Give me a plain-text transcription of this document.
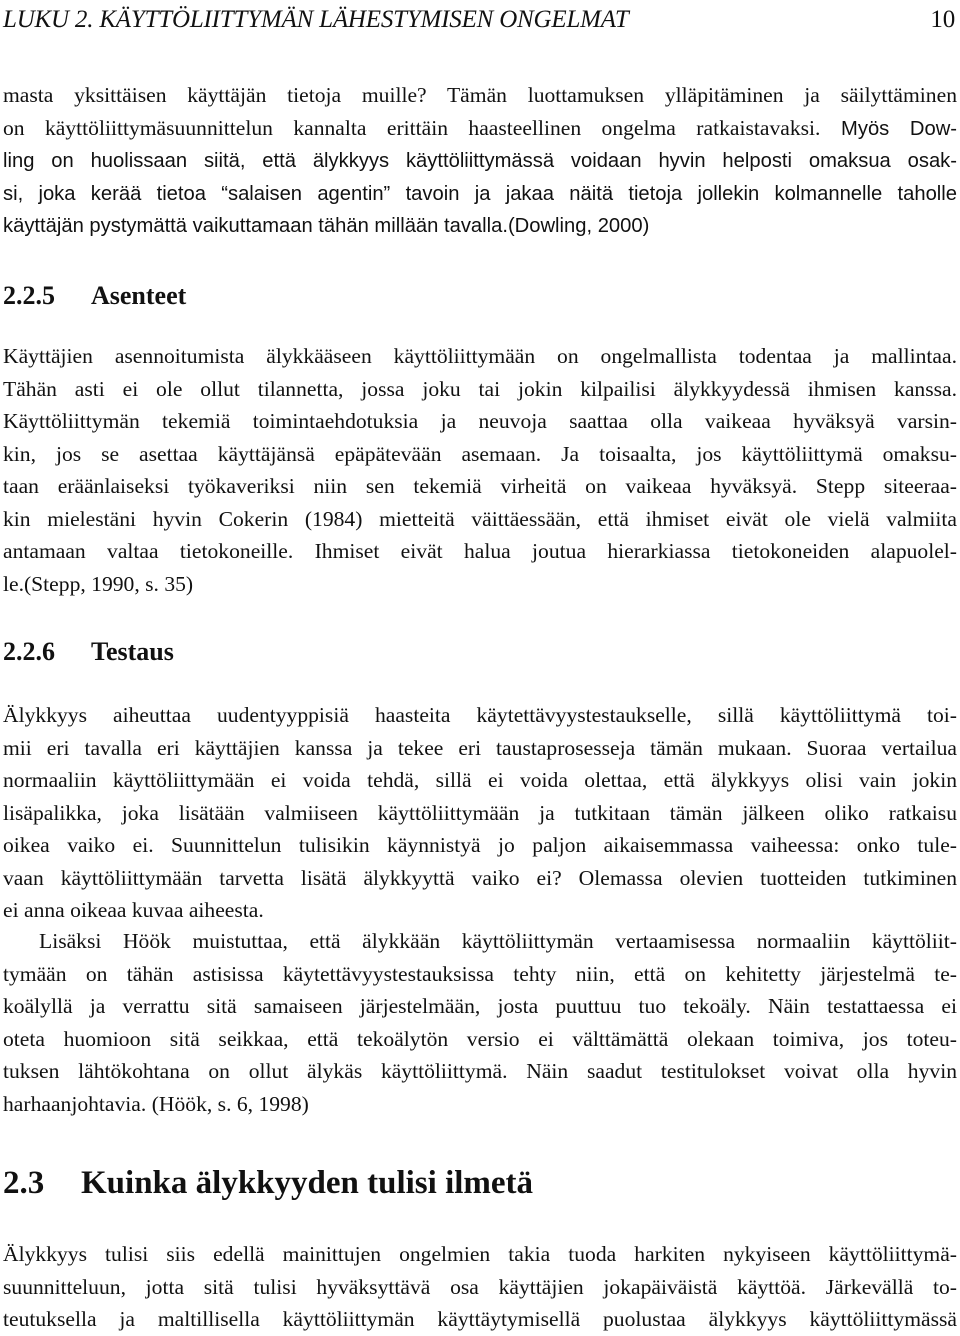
LUKU 2. KÄYTTÖLIITTYMÄN LÄHESTYMISEN ONGELMAT	10
masta yksittäisen käyttäjän tietoja muille? Tämän luottamuksen ylläpitäminen ja säilyttäminen
on käyttöliittymäsuunnittelun kannalta erittäin haasteellinen ongelma ratkaistavaksi. Myös Dow-
ling on huolissaan siitä, että älykkyys käyttöliittymässä voidaan hyvin helposti omaksua osak-
si, joka kerää tietoa “salaisen agentin” tavoin ja jakaa näitä tietoja jollekin kolmannelle taholle
käyttäjän pystymättä vaikuttamaan tähän millään tavalla.(Dowling, 2000)
2.2.5 Asenteet
Käyttäjien asennoitumista älykkääseen käyttöliittymään on ongelmallista todentaa ja mallintaa.
Tähän asti ei ole ollut tilannetta, jossa joku tai jokin kilpailisi älykkyydessä ihmisen kanssa.
Käyttöliittymän tekemiä toimintaehdotuksia ja neuvoja saattaa olla vaikeaa hyväksyä varsin-
kin, jos se asettaa käyttäjänsä epäpätevään asemaan. Ja toisaalta, jos käyttöliittymä omaksu-
taan eräänlaiseksi työkaveriksi niin sen tekemiä virheitä on vaikeaa hyväksyä. Stepp siteeraa-
kin mielestäni hyvin Cokerin (1984) mietteitä väittäessään, että ihmiset eivät ole vielä valmiita
antamaan valtaa tietokoneille. Ihmiset eivät halua joutua hierarkiassa tietokoneiden alapuolel-
le.(Stepp, 1990, s. 35)
2.2.6 Testaus
Älykkyys aiheuttaa uudentyyppisiä haasteita käytettävyystestaukselle, sillä käyttöliittymä toi-
mii eri tavalla eri käyttäjien kanssa ja tekee eri taustaprosesseja tämän mukaan. Suoraa vertailua
normaaliin käyttöliittymään ei voida tehdä, sillä ei voida olettaa, että älykkyys olisi vain jokin
lisäpalikka, joka lisätään valmiiseen käyttöliittymään ja tutkitaan tämän jälkeen oliko ratkaisu
oikea vaiko ei. Suunnittelun tulisikin käynnistyä jo paljon aikaisemmassa vaiheessa: onko tule-
vaan käyttöliittymään tarvetta lisätä älykkyyttä vaiko ei? Olemassa olevien tuotteiden tutkiminen
ei anna oikeaa kuvaa aiheesta.
Lisäksi Höök muistuttaa, että älykkään käyttöliittymän vertaamisessa normaaliin käyttöliit-
tymään on tähän astisissa käytettävyystestauksissa tehty niin, että on kehitetty järjestelmä te-
koälyllä ja verrattu sitä samaiseen järjestelmään, josta puuttuu tuo tekoäly. Näin testattaessa ei
oteta huomioon sitä seikkaa, että tekoälytön versio ei välttämättä olekaan toimiva, jos toteu-
tuksen lähtökohtana on ollut älykäs käyttöliittymä. Näin saadut testitulokset voivat olla hyvin
harhaanjohtavia. (Höök, s. 6, 1998)
2.3 Kuinka älykkyyden tulisi ilmetä
Älykkyys tulisi siis edellä mainittujen ongelmien takia tuoda harkiten nykyiseen käyttöliittymä-
suunnitteluun, jotta sitä tulisi hyväksyttävä osa käyttäjien jokapäiväistä käyttöä. Järkevällä to-
teutuksella ja maltillisella käyttöliittymän käyttäytymisellä puolustaa älykkyys käyttöliittymässä
